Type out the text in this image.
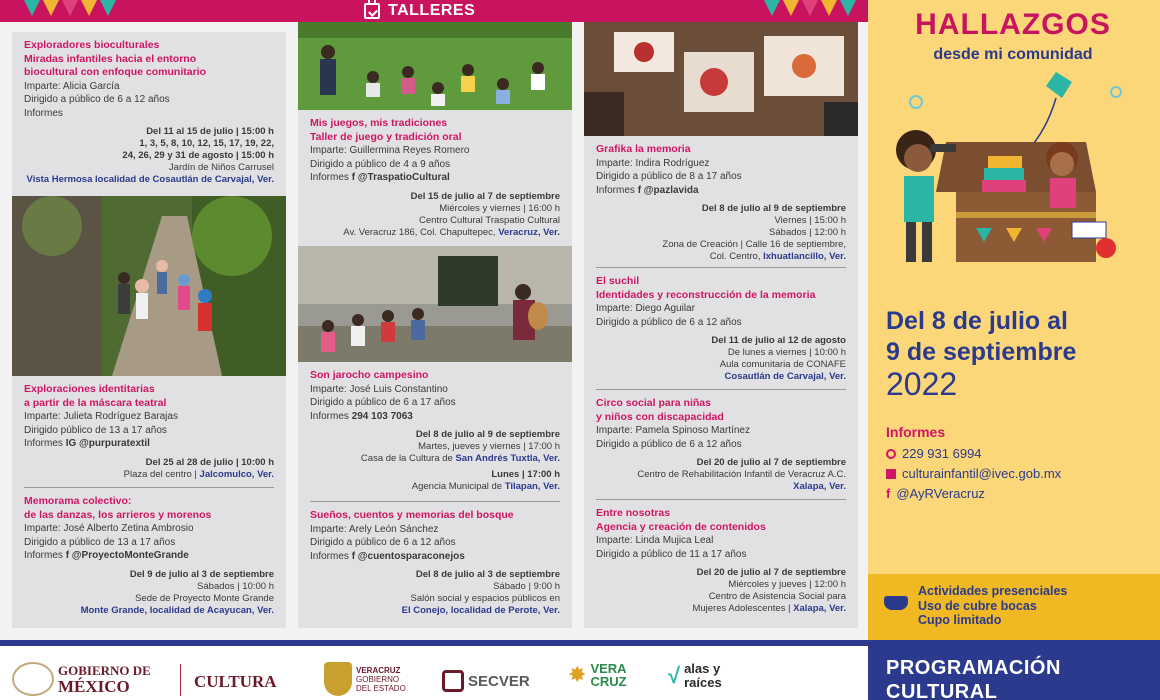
TALLERES
Exploradores bioculturales
Miradas infantiles hacia el entorno
biocultural con enfoque comunitario
Imparte: Alicia García
Dirigido a público de 6 a 12 años
Informes
Del 11 al 15 de julio | 15:00 h
1, 3, 5, 8, 10, 12, 15, 17, 19, 22,
24, 26, 29 y 31 de agosto | 15:00 h
Jardín de Niños Carrusel
Vista Hermosa localidad de Cosautlán de Carvajal, Ver.
Exploraciones identitarias
a partir de la máscara teatral
Imparte: Julieta Rodríguez Barajas
Dirigido público de 13 a 17 años
Informes IG @purpuratextil
Del 25 al 28 de julio | 10:00 h
Plaza del centro | Jalcomulco, Ver.
Memorama colectivo:
de las danzas, los arrieros y morenos
Imparte: José Alberto Zetina Ambrosio
Dirigido a público de 13 a 17 años
Informes f @ProyectoMonteGrande
Del 9 de julio al 3 de septiembre
Sábados | 10:00 h
Sede de Proyecto Monte Grande
Monte Grande, localidad de Acayucan, Ver.
Mis juegos, mis tradiciones
Taller de juego y tradición oral
Imparte: Guillermina Reyes Romero
Dirigido a público de 4 a 9 años
Informes f @TraspatioCultural
Del 15 de julio al 7 de septiembre
Miércoles y viernes | 16:00 h
Centro Cultural Traspatio Cultural
Av. Veracruz 186, Col. Chapultepec, Veracruz, Ver.
Son jarocho campesino
Imparte: José Luis Constantino
Dirigido a público de 6 a 17 años
Informes 294 103 7063
Del 8 de julio al 9 de septiembre
Martes, jueves y viernes | 17:00 h
Casa de la Cultura de San Andrés Tuxtla, Ver.
Lunes | 17:00 h
Agencia Municipal de Tilapan, Ver.
Sueños, cuentos y memorias del bosque
Imparte: Arely León Sánchez
Dirigido a público de 6 a 12 años
Informes f @cuentosparaconejos
Del 8 de julio al 3 de septiembre
Sábado | 9:00 h
Salón social y espacios públicos en
El Conejo, localidad de Perote, Ver.
Grafika la memoria
Imparte: Indira Rodríguez
Dirigido a público de 8 a 17 años
Informes f @pazlavida
Del 8 de julio al 9 de septiembre
Viernes | 15:00 h
Sábados | 12:00 h
Zona de Creación | Calle 16 de septiembre,
Col. Centro, Ixhuatlancillo, Ver.
El suchil
Identidades y reconstrucción de la memoria
Imparte: Diego Aguilar
Dirigido a público de 6 a 12 años
Del 11 de julio al 12 de agosto
De lunes a viernes | 10:00 h
Aula comunitaria de CONAFE
Cosautlán de Carvajal, Ver.
Circo social para niñas
y niños con discapacidad
Imparte: Pamela Spinoso Martínez
Dirigido a público de 6 a 12 años
Del 20 de julio al 7 de septiembre
Centro de Rehabilitación Infantil de Veracruz A.C.
Xalapa, Ver.
Entre nosotras
Agencia y creación de contenidos
Imparte: Linda Mujica Leal
Dirigido a público de 11 a 17 años
Del 20 de julio al 7 de septiembre
Miércoles y jueves | 12:00 h
Centro de Asistencia Social para
Mujeres Adolescentes | Xalapa, Ver.
HALLAZGOS
desde mi comunidad
Del 8 de julio al
9 de septiembre
2022
Informes
229 931 6994
culturainfantil@ivec.gob.mx
f @AyRVeracruz
Actividades presenciales
Uso de cubre bocas
Cupo limitado
GOBIERNO DE
MÉXICO	CULTURA
VERACRUZ
GOBIERNO
DEL ESTADO	SECVER ✸ VERA
CRUZ √ alas y
raíces
PROGRAMACIÓN
CULTURAL
